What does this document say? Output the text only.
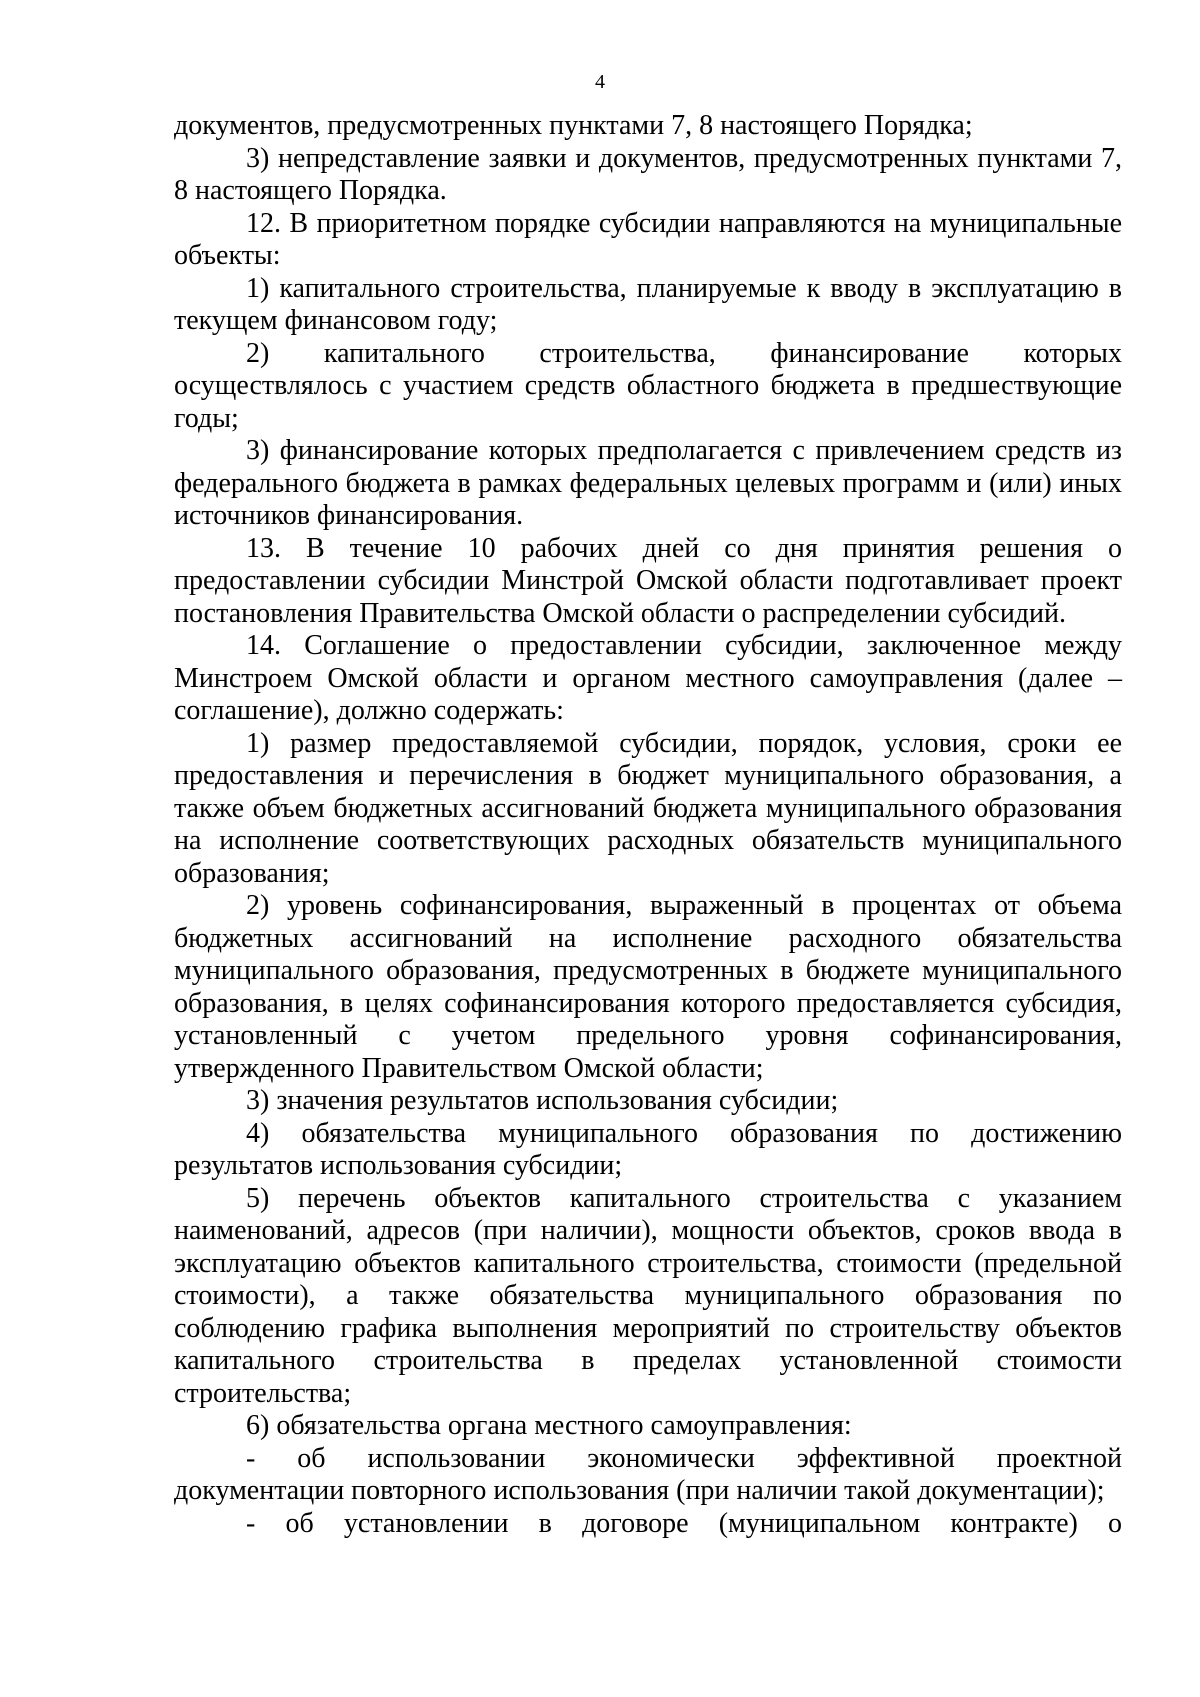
4

документов, предусмотренных пунктами 7, 8 настоящего Порядка;

3) непредставление заявки и документов, предусмотренных пунктами 7, 8 настоящего Порядка.

12. В приоритетном порядке субсидии направляются на муниципальные объекты:

1) капитального строительства, планируемые к вводу в эксплуатацию в текущем финансовом году;

2) капитального строительства, финансирование которых осуществлялось с участием средств областного бюджета в предшествующие годы;

3) финансирование которых предполагается с привлечением средств из федерального бюджета в рамках федеральных целевых программ и (или) иных источников финансирования.

13. В течение 10 рабочих дней со дня принятия решения о предоставлении субсидии Минстрой Омской области подготавливает проект постановления Правительства Омской области о распределении субсидий.

14. Соглашение о предоставлении субсидии, заключенное между Минстроем Омской области и органом местного самоуправления (далее – соглашение), должно содержать:

1) размер предоставляемой субсидии, порядок, условия, сроки ее предоставления и перечисления в бюджет муниципального образования, а также объем бюджетных ассигнований бюджета муниципального образования на исполнение соответствующих расходных обязательств муниципального образования;

2) уровень софинансирования, выраженный в процентах от объема бюджетных ассигнований на исполнение расходного обязательства муниципального образования, предусмотренных в бюджете муниципального образования, в целях софинансирования которого предоставляется субсидия, установленный с учетом предельного уровня софинансирования, утвержденного Правительством Омской области;

3) значения результатов использования субсидии;

4) обязательства муниципального образования по достижению результатов использования субсидии;

5) перечень объектов капитального строительства с указанием наименований, адресов (при наличии), мощности объектов, сроков ввода в эксплуатацию объектов капитального строительства, стоимости (предельной стоимости), а также обязательства муниципального образования по соблюдению графика выполнения мероприятий по строительству объектов капитального строительства в пределах установленной стоимости строительства;

6) обязательства органа местного самоуправления:

- об использовании экономически эффективной проектной документации повторного использования (при наличии такой документации);

- об установлении в договоре (муниципальном контракте) о
